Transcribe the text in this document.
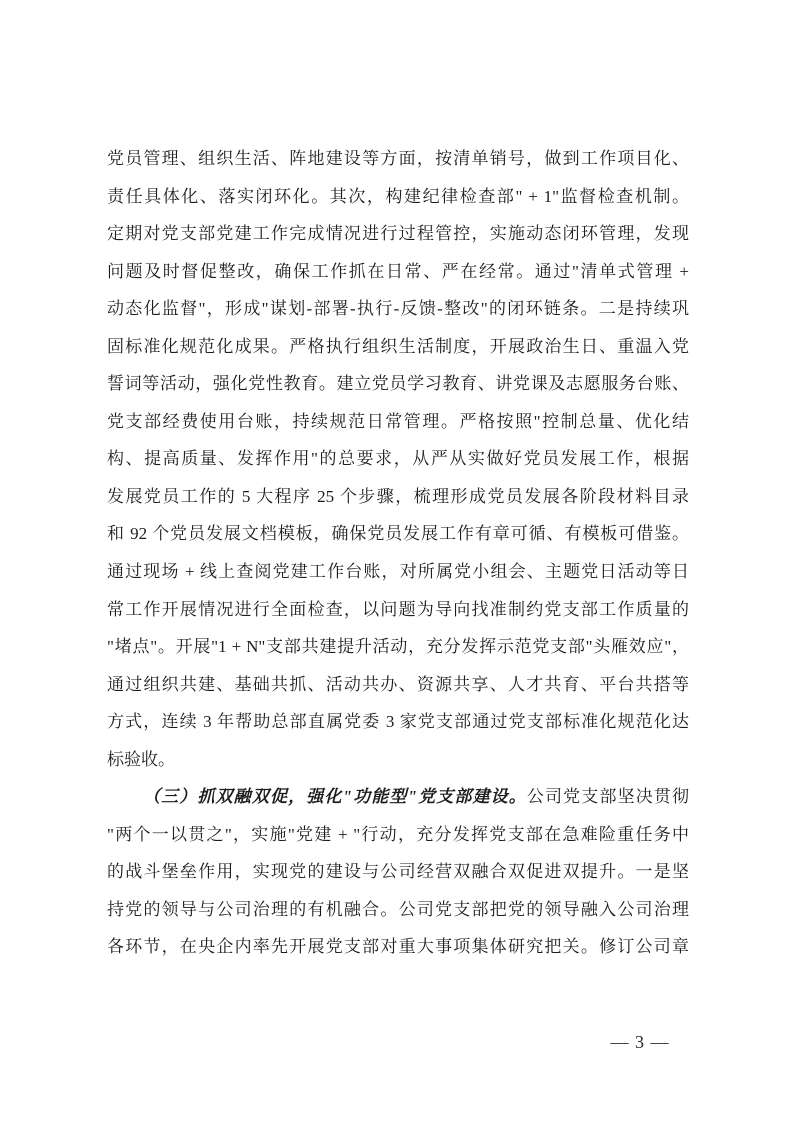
党员管理、组织生活、阵地建设等方面，按清单销号，做到工作项目化、
责任具体化、落实闭环化。其次，构建纪律检查部" + 1"监督检查机制。
定期对党支部党建工作完成情况进行过程管控，实施动态闭环管理，发现
问题及时督促整改，确保工作抓在日常、严在经常。通过"清单式管理 +
动态化监督"，形成"谋划-部署-执行-反馈-整改"的闭环链条。二是持续巩
固标准化规范化成果。严格执行组织生活制度，开展政治生日、重温入党
誓词等活动，强化党性教育。建立党员学习教育、讲党课及志愿服务台账、
党支部经费使用台账，持续规范日常管理。严格按照"控制总量、优化结
构、提高质量、发挥作用"的总要求，从严从实做好党员发展工作，根据
发展党员工作的 5 大程序 25 个步骤，梳理形成党员发展各阶段材料目录
和 92 个党员发展文档模板，确保党员发展工作有章可循、有模板可借鉴。
通过现场 + 线上查阅党建工作台账，对所属党小组会、主题党日活动等日
常工作开展情况进行全面检查，以问题为导向找准制约党支部工作质量的
"堵点"。开展"1 + N"支部共建提升活动，充分发挥示范党支部"头雁效应"，
通过组织共建、基础共抓、活动共办、资源共享、人才共育、平台共搭等
方式，连续 3 年帮助总部直属党委 3 家党支部通过党支部标准化规范化达
标验收。
（三）抓双融双促，强化"功能型"党支部建设。公司党支部坚决贯彻
"两个一以贯之"，实施"党建 + "行动，充分发挥党支部在急难险重任务中
的战斗堡垒作用，实现党的建设与公司经营双融合双促进双提升。一是坚
持党的领导与公司治理的有机融合。公司党支部把党的领导融入公司治理
各环节，在央企内率先开展党支部对重大事项集体研究把关。修订公司章
— 3 —
